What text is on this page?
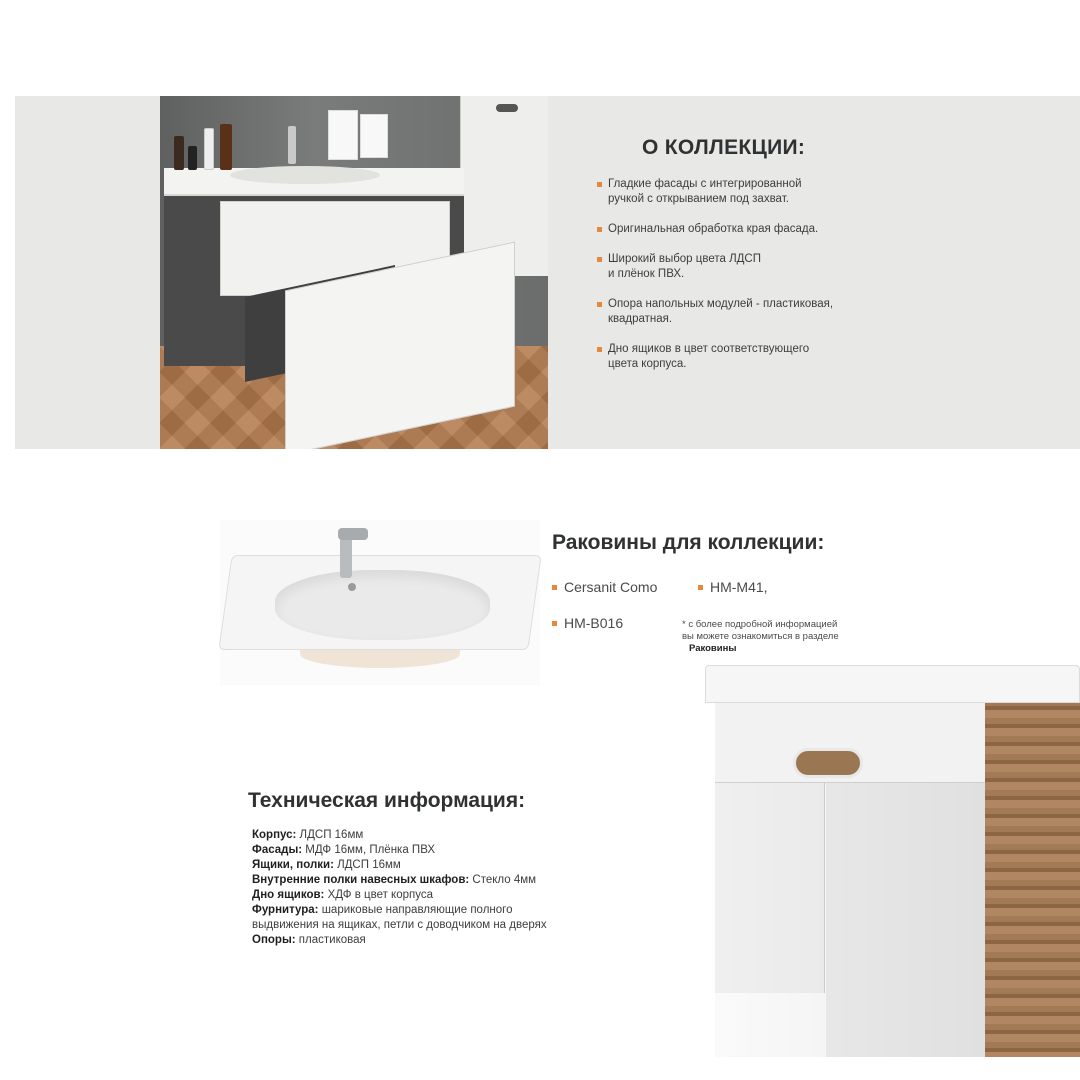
О КОЛЛЕКЦИИ:
Гладкие фасады с интегрированной
ручкой с открыванием под захват.
Оригинальная обработка края фасада.
Широкий выбор цвета ЛДСП
и плёнок ПВХ.
Опора напольных модулей - пластиковая,
квадратная.
Дно ящиков в цвет соответствующего
цвета корпуса.
Раковины для коллекции:
Cersanit Como	HM-M41,
HM-B016	* с более подробной информацией
вы можете ознакомиться в разделе
Раковины
Техническая информация:
Корпус: ЛДСП 16мм
Фасады: МДФ 16мм, Плёнка ПВХ
Ящики, полки: ЛДСП 16мм
Внутренние полки навесных шкафов: Стекло 4мм
Дно ящиков: ХДФ в цвет корпуса
Фурнитура: шариковые направляющие полного
выдвижения на ящиках, петли с доводчиком на дверях
Опоры: пластиковая
